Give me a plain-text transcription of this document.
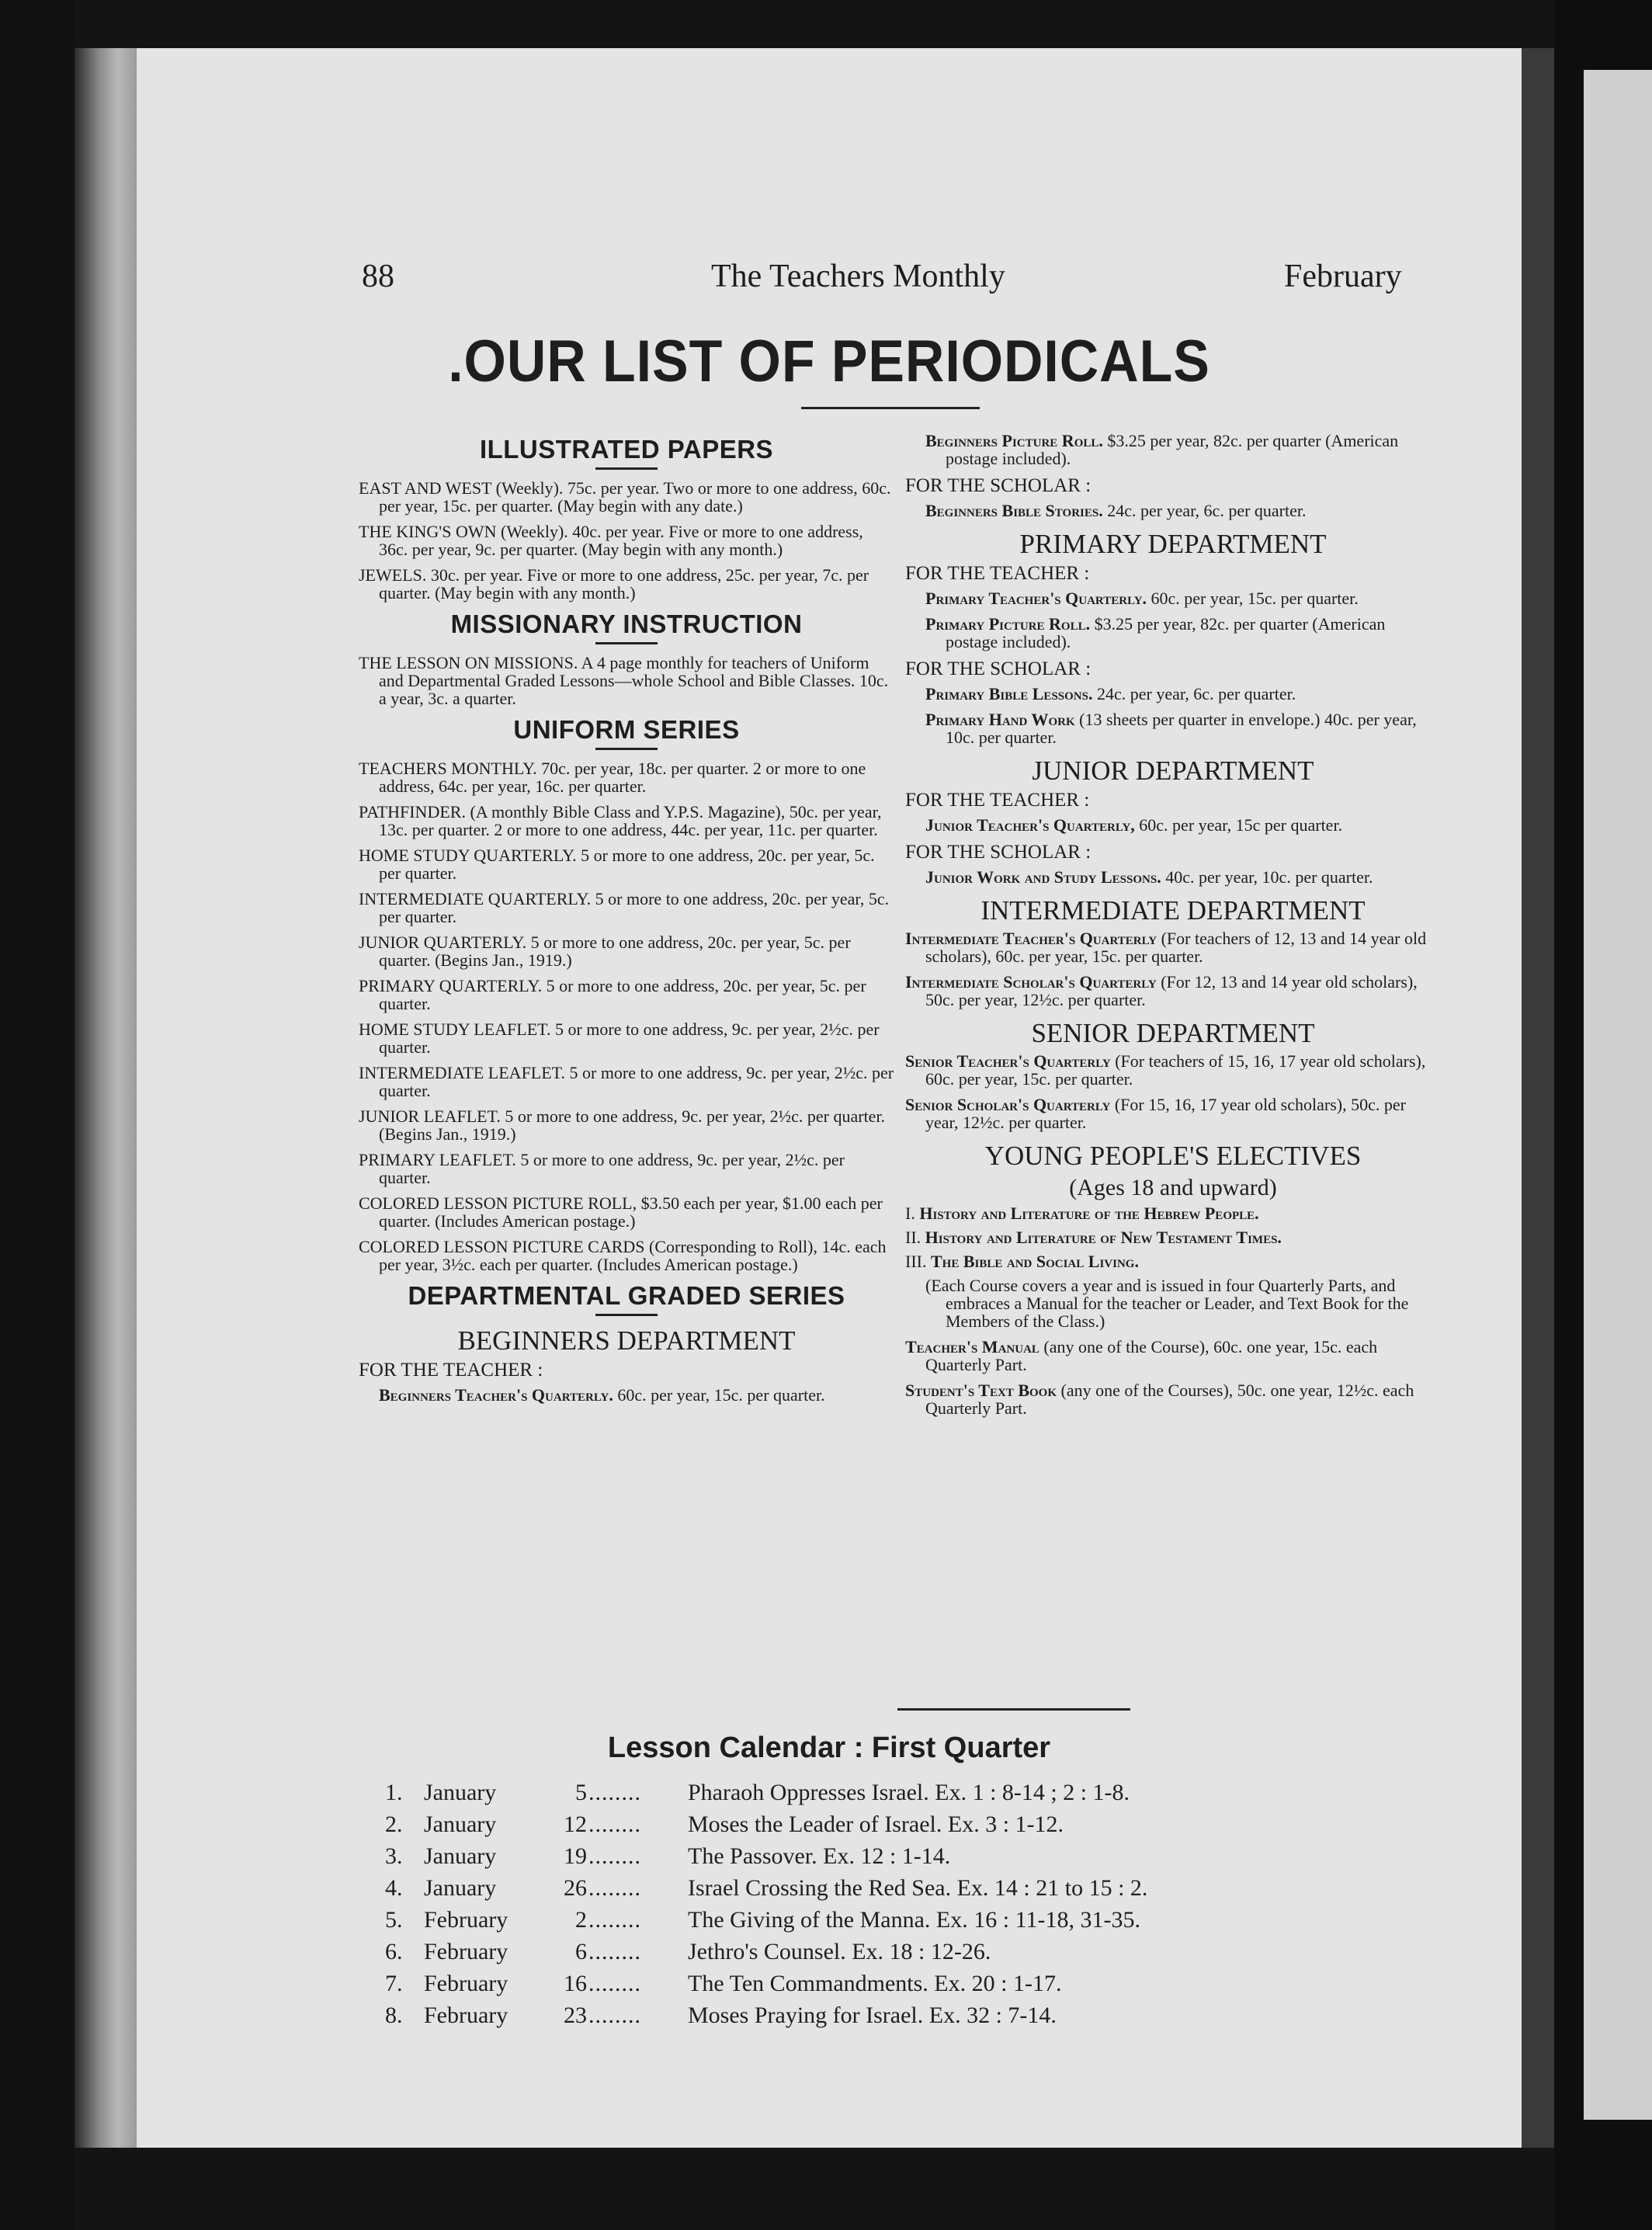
88	The Teachers Monthly	February
.OUR LIST OF PERIODICALS
ILLUSTRATED PAPERS

EAST AND WEST (Weekly). 75c. per year. Two or more to one address, 60c. per year, 15c. per quarter. (May begin with any date.)

THE KING'S OWN (Weekly). 40c. per year. Five or more to one address, 36c. per year, 9c. per quarter. (May begin with any month.)

JEWELS. 30c. per year. Five or more to one address, 25c. per year, 7c. per quarter. (May begin with any month.)

MISSIONARY INSTRUCTION

THE LESSON ON MISSIONS. A 4 page monthly for teachers of Uniform and Departmental Graded Lessons—whole School and Bible Classes. 10c. a year, 3c. a quarter.

UNIFORM SERIES

TEACHERS MONTHLY. 70c. per year, 18c. per quarter. 2 or more to one address, 64c. per year, 16c. per quarter.

PATHFINDER. (A monthly Bible Class and Y.P.S. Magazine), 50c. per year, 13c. per quarter. 2 or more to one address, 44c. per year, 11c. per quarter.

HOME STUDY QUARTERLY. 5 or more to one address, 20c. per year, 5c. per quarter.

INTERMEDIATE QUARTERLY. 5 or more to one address, 20c. per year, 5c. per quarter.

JUNIOR QUARTERLY. 5 or more to one address, 20c. per year, 5c. per quarter. (Begins Jan., 1919.)

PRIMARY QUARTERLY. 5 or more to one address, 20c. per year, 5c. per quarter.

HOME STUDY LEAFLET. 5 or more to one address, 9c. per year, 2½c. per quarter.

INTERMEDIATE LEAFLET. 5 or more to one address, 9c. per year, 2½c. per quarter.

JUNIOR LEAFLET. 5 or more to one address, 9c. per year, 2½c. per quarter. (Begins Jan., 1919.)

PRIMARY LEAFLET. 5 or more to one address, 9c. per year, 2½c. per quarter.

COLORED LESSON PICTURE ROLL, $3.50 each per year, $1.00 each per quarter. (Includes American postage.)

COLORED LESSON PICTURE CARDS (Corresponding to Roll), 14c. each per year, 3½c. each per quarter. (Includes American postage.)

DEPARTMENTAL GRADED SERIES
BEGINNERS DEPARTMENT
FOR THE TEACHER :

Beginners Teacher's Quarterly. 60c. per year, 15c. per quarter.

Beginners Picture Roll. $3.25 per year, 82c. per quarter (American postage included).

FOR THE SCHOLAR :

Beginners Bible Stories. 24c. per year, 6c. per quarter.

PRIMARY DEPARTMENT
FOR THE TEACHER :

Primary Teacher's Quarterly. 60c. per year, 15c. per quarter.

Primary Picture Roll. $3.25 per year, 82c. per quarter (American postage included).

FOR THE SCHOLAR :

Primary Bible Lessons. 24c. per year, 6c. per quarter.

Primary Hand Work (13 sheets per quarter in envelope.) 40c. per year, 10c. per quarter.

JUNIOR DEPARTMENT
FOR THE TEACHER :

Junior Teacher's Quarterly, 60c. per year, 15c per quarter.

FOR THE SCHOLAR :

Junior Work and Study Lessons. 40c. per year, 10c. per quarter.

INTERMEDIATE DEPARTMENT

Intermediate Teacher's Quarterly (For teachers of 12, 13 and 14 year old scholars), 60c. per year, 15c. per quarter.

Intermediate Scholar's Quarterly (For 12, 13 and 14 year old scholars), 50c. per year, 12½c. per quarter.

SENIOR DEPARTMENT

Senior Teacher's Quarterly (For teachers of 15, 16, 17 year old scholars), 60c. per year, 15c. per quarter.

Senior Scholar's Quarterly (For 15, 16, 17 year old scholars), 50c. per year, 12½c. per quarter.

YOUNG PEOPLE'S ELECTIVES
(Ages 18 and upward)

I. History and Literature of the Hebrew People.

II. History and Literature of New Testament Times.

III. The Bible and Social Living.

(Each Course covers a year and is issued in four Quarterly Parts, and embraces a Manual for the teacher or Leader, and Text Book for the Members of the Class.)

Teacher's Manual (any one of the Course), 60c. one year, 15c. each Quarterly Part.

Student's Text Book (any one of the Courses), 50c. one year, 12½c. each Quarterly Part.

Lesson Calendar : First Quarter
1. January	5 ........ Pharaoh Oppresses Israel. Ex. 1 : 8-14 ; 2 : 1-8.
2. January	12 ........ Moses the Leader of Israel. Ex. 3 : 1-12.
3. January	19 ........ The Passover. Ex. 12 : 1-14.
4. January	26 ........ Israel Crossing the Red Sea. Ex. 14 : 21 to 15 : 2.
5. February	2 ........ The Giving of the Manna. Ex. 16 : 11-18, 31-35.
6. February	6 ........ Jethro's Counsel. Ex. 18 : 12-26.
7. February	16 ........ The Ten Commandments. Ex. 20 : 1-17.
8. February	23 ........ Moses Praying for Israel. Ex. 32 : 7-14.
